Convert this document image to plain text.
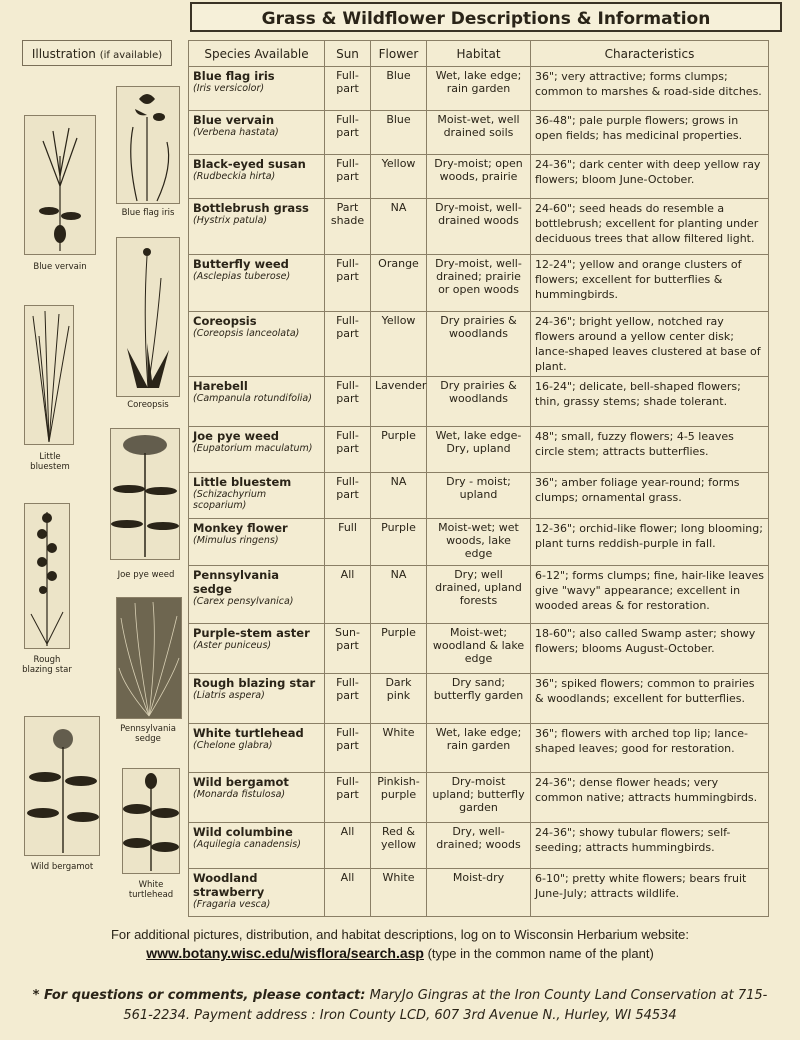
Grass & Wildflower Descriptions & Information
Illustration (if available)
Blue vervain
Blue flag iris
Coreopsis
Little bluestem
Joe pye weed
Rough blazing star
Pennsylvania sedge
Wild bergamot
White turtlehead
Species Available	Sun	Flower	Habitat	Characteristics

Blue flag iris
(Iris versicolor)	Full-part	Blue	Wet, lake edge; rain garden	36"; very attractive; forms clumps; common to marshes & road-side ditches.

Blue vervain
(Verbena hastata)	Full-part	Blue	Moist-wet, well drained soils	36-48"; pale purple flowers; grows in open fields; has medicinal properties.

Black-eyed susan
(Rudbeckia hirta)	Full-part	Yellow	Dry-moist; open woods, prairie	24-36"; dark center with deep yellow ray flowers; bloom June-October.

Bottlebrush grass
(Hystrix patula)	Part shade	NA	Dry-moist, well-drained woods	24-60"; seed heads do resemble a bottlebrush; excellent for planting under deciduous trees that allow filtered light.

Butterfly weed
(Asclepias tuberose)	Full-part	Orange	Dry-moist, well-drained; prairie or open woods	12-24"; yellow and orange clusters of flowers; excellent for butterflies & hummingbirds.

Coreopsis
(Coreopsis lanceolata)	Full-part	Yellow	Dry prairies & woodlands	24-36"; bright yellow, notched ray flowers around a yellow center disk; lance-shaped leaves clustered at base of plant.

Harebell
(Campanula rotundifolia)	Full-part	Lavender	Dry prairies & woodlands	16-24"; delicate, bell-shaped flowers; thin, grassy stems; shade tolerant.

Joe pye weed
(Eupatorium maculatum)	Full-part	Purple	Wet, lake edge- Dry, upland	48"; small, fuzzy flowers; 4-5 leaves circle stem; attracts butterflies.

Little bluestem
(Schizachyrium scoparium)	Full-part	NA	Dry - moist; upland	36"; amber foliage year-round; forms clumps; ornamental grass.

Monkey flower
(Mimulus ringens)	Full	Purple	Moist-wet; wet woods, lake edge	12-36"; orchid-like flower; long blooming; plant turns reddish-purple in fall.

Pennsylvania sedge
(Carex pensylvanica)	All	NA	Dry; well drained, upland forests	6-12"; forms clumps; fine, hair-like leaves give "wavy" appearance; excellent in wooded areas & for restoration.

Purple-stem aster
(Aster puniceus)	Sun-part	Purple	Moist-wet; woodland & lake edge	18-60"; also called Swamp aster; showy flowers; blooms August-October.

Rough blazing star
(Liatris aspera)	Full-part	Dark pink	Dry sand; butterfly garden	36"; spiked flowers; common to prairies & woodlands; excellent for butterflies.

White turtlehead
(Chelone glabra)	Full-part	White	Wet, lake edge; rain garden	36"; flowers with arched top lip; lance-shaped leaves; good for restoration.

Wild bergamot
(Monarda fistulosa)	Full-part	Pinkish-purple	Dry-moist upland; butterfly garden	24-36"; dense flower heads; very common native; attracts hummingbirds.

Wild columbine
(Aquilegia canadensis)	All	Red & yellow	Dry, well-drained; woods	24-36"; showy tubular flowers; self-seeding; attracts hummingbirds.

Woodland strawberry
(Fragaria vesca)	All	White	Moist-dry	6-10"; pretty white flowers; bears fruit June-July; attracts wildlife.
For additional pictures, distribution, and habitat descriptions, log on to Wisconsin Herbarium website:
www.botany.wisc.edu/wisflora/search.asp (type in the common name of the plant)
* For questions or comments, please contact: MaryJo Gingras at the Iron County Land Conservation at 715-561-2234. Payment address : Iron County LCD, 607 3rd Avenue N., Hurley, WI 54534
